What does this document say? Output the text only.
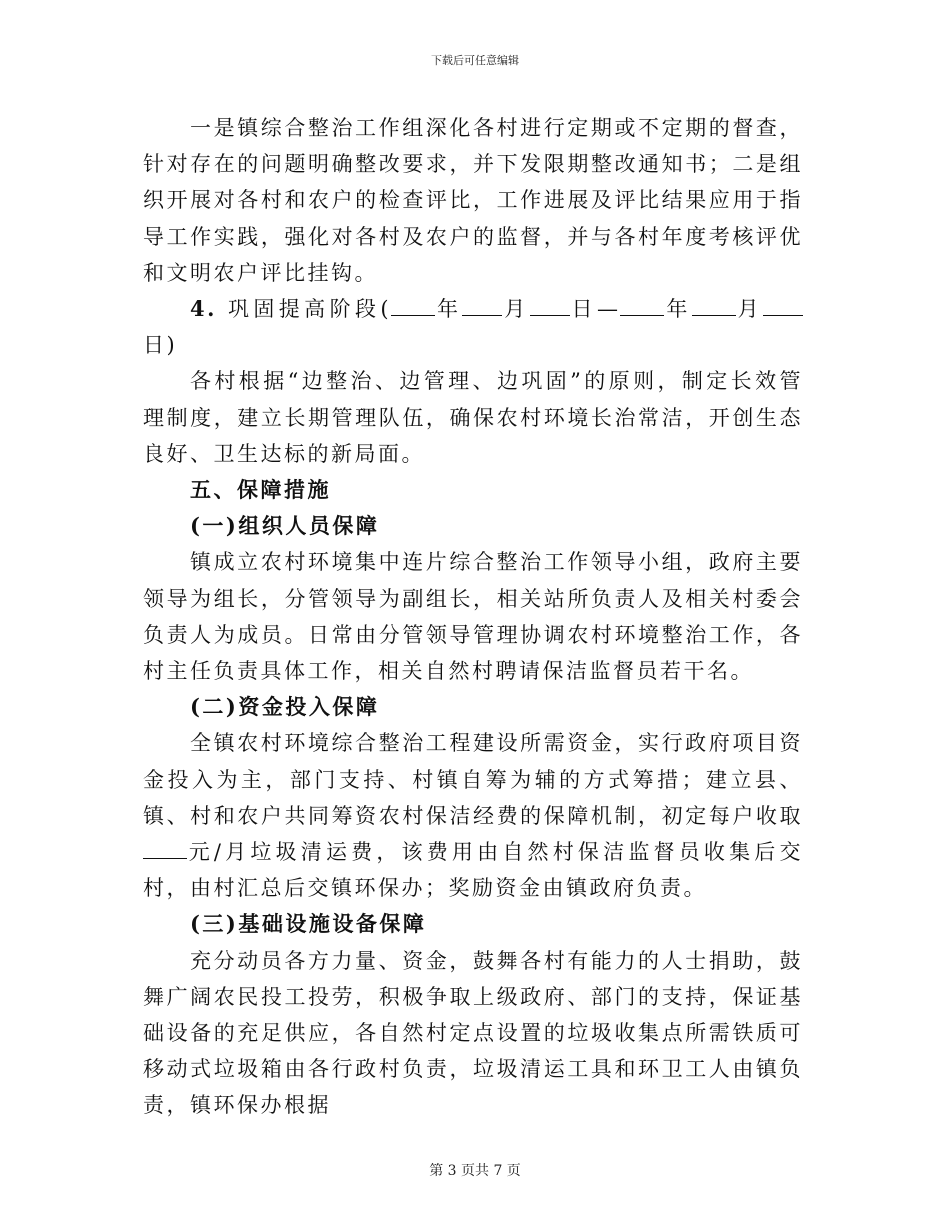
下载后可任意编辑

一是镇综合整治工作组深化各村进行定期或不定期的督查，针对存在的问题明确整改要求，并下发限期整改通知书；二是组织开展对各村和农户的检查评比，工作进展及评比结果应用于指导工作实践，强化对各村及农户的监督，并与各村年度考核评优和文明农户评比挂钩。

4. 巩固提高阶段( 年 月 日— 年 月日)

各村根据“边整治、边管理、边巩固”的原则，制定长效管理制度，建立长期管理队伍，确保农村环境长治常洁，开创生态良好、卫生达标的新局面。

五、保障措施

(一)组织人员保障

镇成立农村环境集中连片综合整治工作领导小组，政府主要领导为组长，分管领导为副组长，相关站所负责人及相关村委会负责人为成员。日常由分管领导管理协调农村环境整治工作，各村主任负责具体工作，相关自然村聘请保洁监督员若干名。

(二)资金投入保障

全镇农村环境综合整治工程建设所需资金，实行政府项目资金投入为主，部门支持、村镇自筹为辅的方式筹措；建立县、镇、村和农户共同筹资农村保洁经费的保障机制，初定每户收取元/月垃圾清运费，该费用由自然村保洁监督员收集后交村，由村汇总后交镇环保办；奖励资金由镇政府负责。

(三)基础设施设备保障

充分动员各方力量、资金，鼓舞各村有能力的人士捐助，鼓舞广阔农民投工投劳，积极争取上级政府、部门的支持，保证基础设备的充足供应，各自然村定点设置的垃圾收集点所需铁质可移动式垃圾箱由各行政村负责，垃圾清运工具和环卫工人由镇负责，镇环保办根据

第 3 页共 7 页
